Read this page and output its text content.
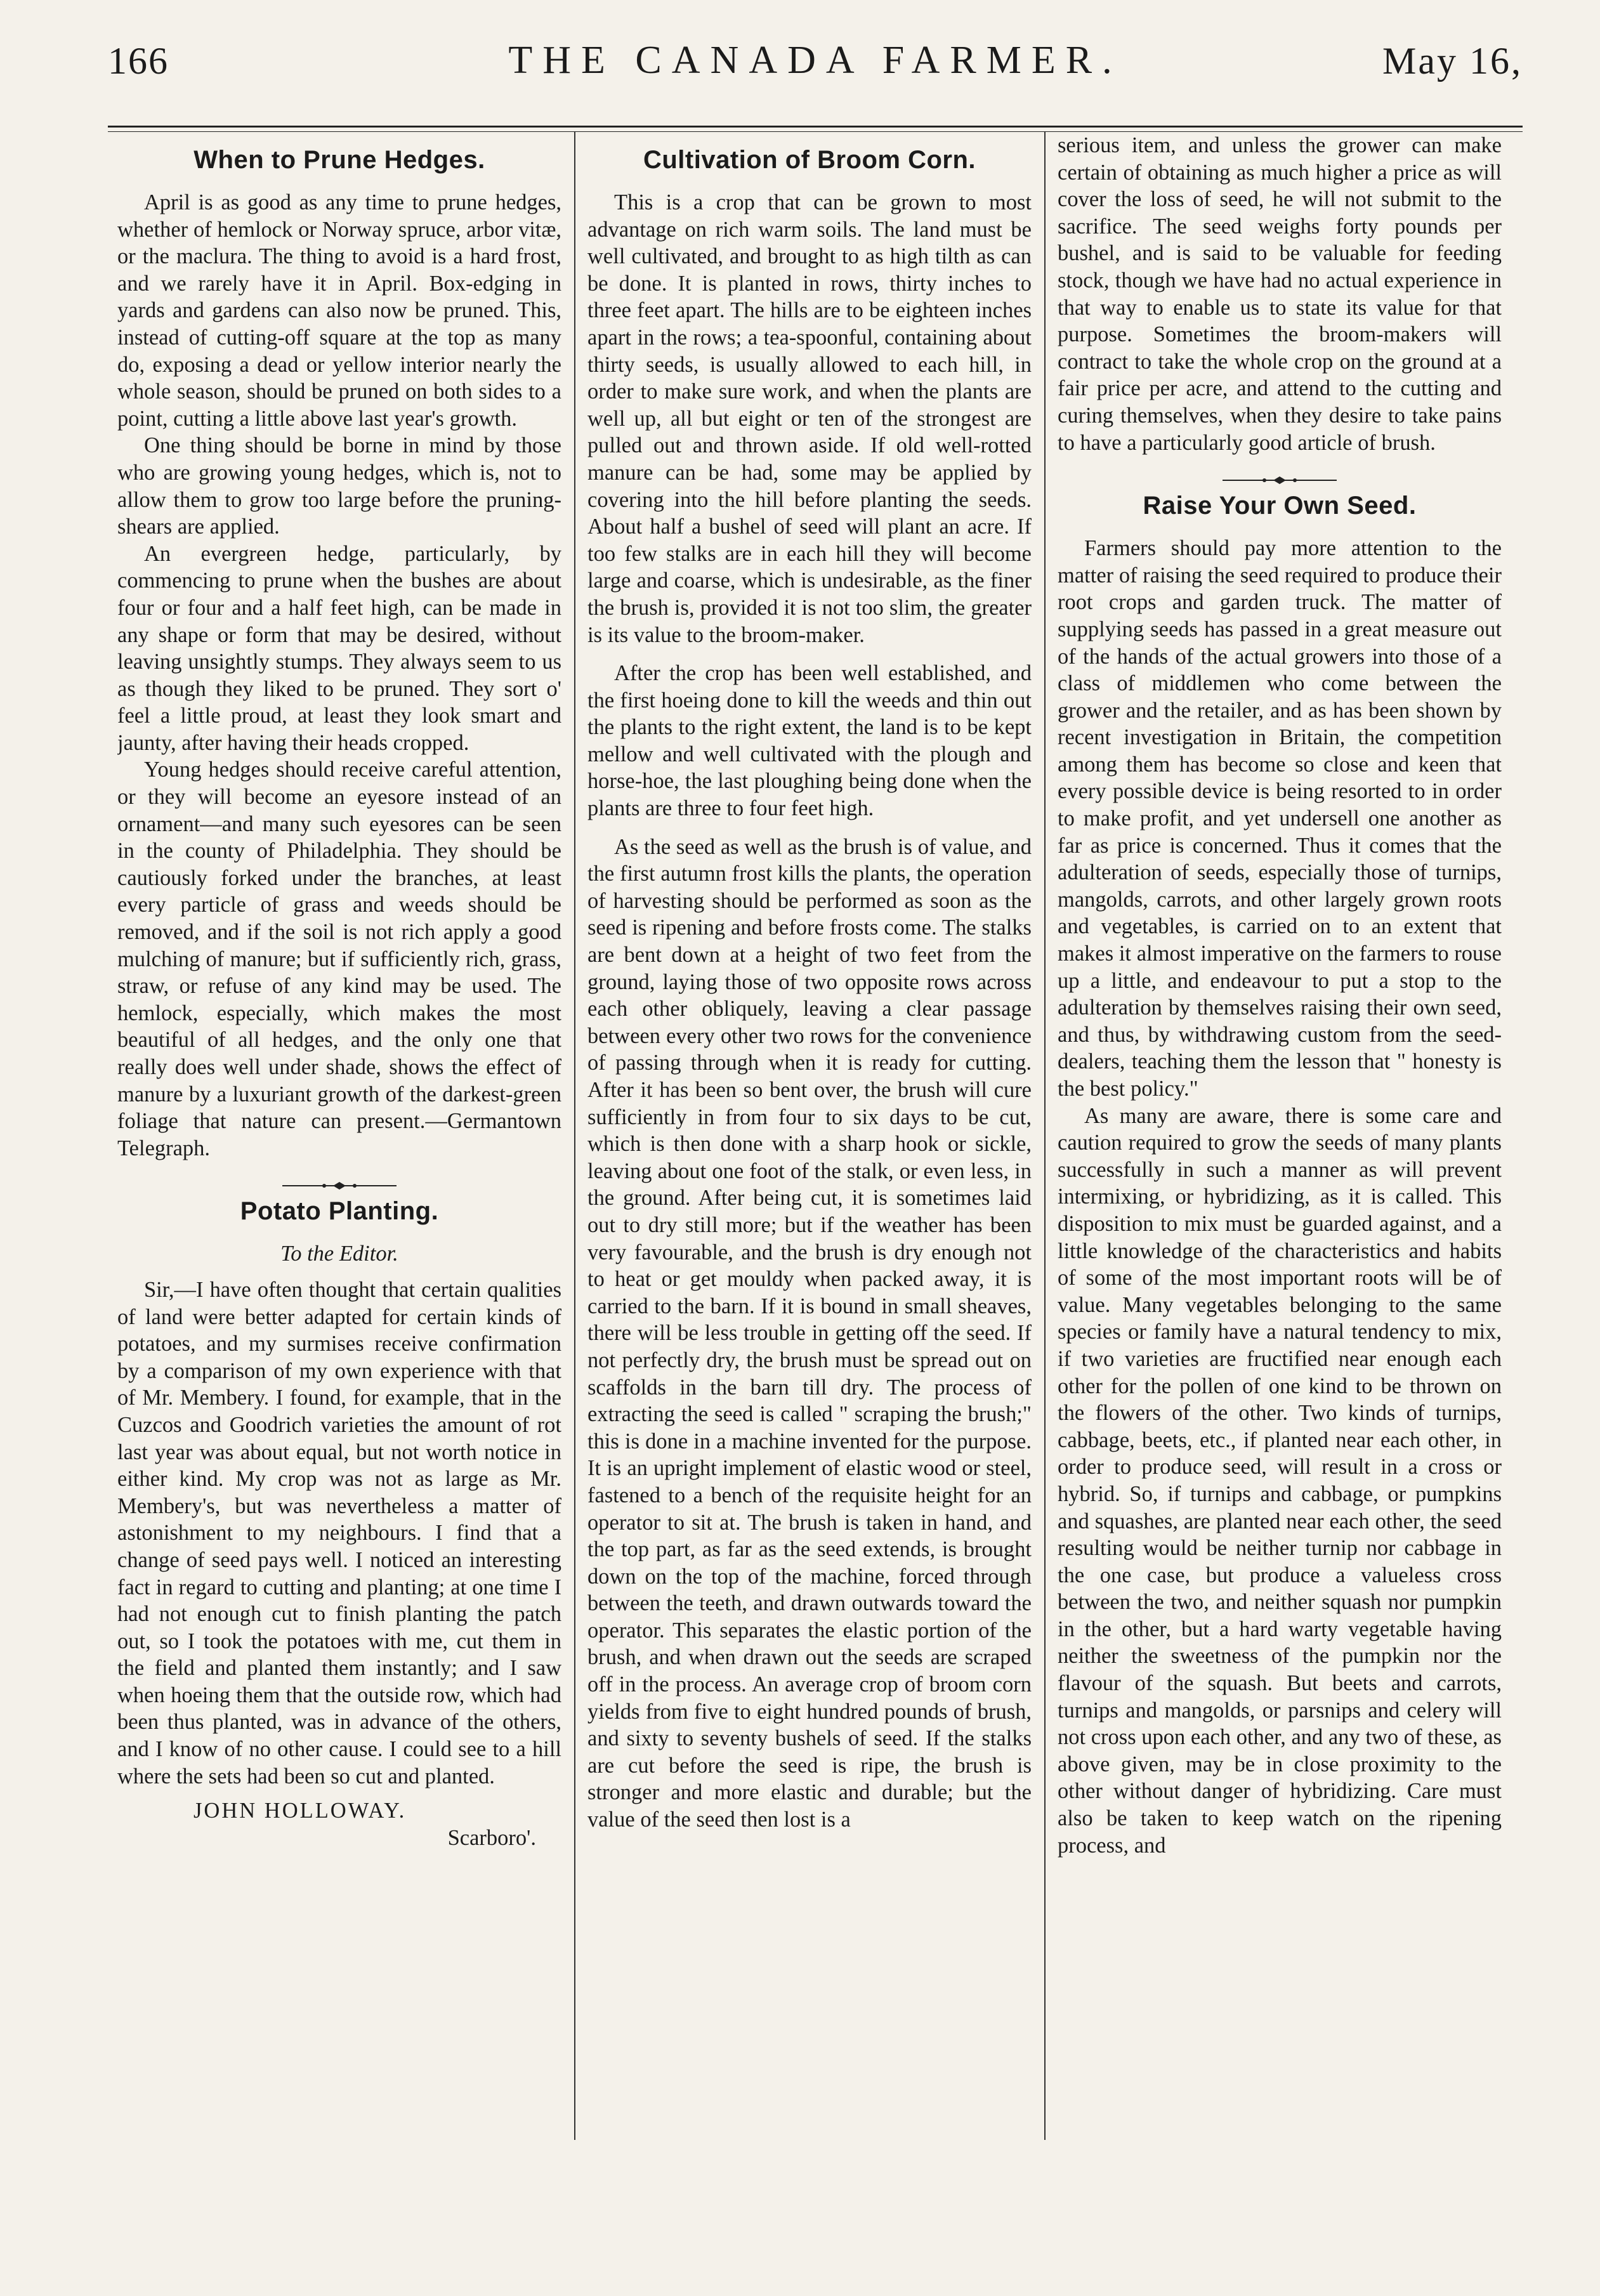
166	THE CANADA FARMER.	May 16,
When to Prune Hedges.

April is as good as any time to prune hedges, whether of hemlock or Norway spruce, arbor vitæ, or the maclura. The thing to avoid is a hard frost, and we rarely have it in April. Box-edging in yards and gardens can also now be pruned. This, instead of cutting-off square at the top as many do, exposing a dead or yellow interior nearly the whole season, should be pruned on both sides to a point, cutting a little above last year's growth.

One thing should be borne in mind by those who are growing young hedges, which is, not to allow them to grow too large before the pruning-shears are applied.

An evergreen hedge, particularly, by commencing to prune when the bushes are about four or four and a half feet high, can be made in any shape or form that may be desired, without leaving unsightly stumps. They always seem to us as though they liked to be pruned. They sort o' feel a little proud, at least they look smart and jaunty, after having their heads cropped.

Young hedges should receive careful attention, or they will become an eyesore instead of an ornament—and many such eyesores can be seen in the county of Philadelphia. They should be cautiously forked under the branches, at least every particle of grass and weeds should be removed, and if the soil is not rich apply a good mulching of manure; but if sufficiently rich, grass, straw, or refuse of any kind may be used. The hemlock, especially, which makes the most beautiful of all hedges, and the only one that really does well under shade, shows the effect of manure by a luxuriant growth of the darkest-green foliage that nature can present.—Germantown Telegraph.

Potato Planting.

To the Editor.

Sir,—I have often thought that certain qualities of land were better adapted for certain kinds of potatoes, and my surmises receive confirmation by a comparison of my own experience with that of Mr. Membery. I found, for example, that in the Cuzcos and Goodrich varieties the amount of rot last year was about equal, but not worth notice in either kind. My crop was not as large as Mr. Membery's, but was nevertheless a matter of astonishment to my neighbours. I find that a change of seed pays well. I noticed an interesting fact in regard to cutting and planting; at one time I had not enough cut to finish planting the patch out, so I took the potatoes with me, cut them in the field and planted them instantly; and I saw when hoeing them that the outside row, which had been thus planted, was in advance of the others, and I know of no other cause. I could see to a hill where the sets had been so cut and planted.

JOHN HOLLOWAY.

Scarboro'.

Cultivation of Broom Corn.

This is a crop that can be grown to most advantage on rich warm soils. The land must be well cultivated, and brought to as high tilth as can be done. It is planted in rows, thirty inches to three feet apart. The hills are to be eighteen inches apart in the rows; a tea-spoonful, containing about thirty seeds, is usually allowed to each hill, in order to make sure work, and when the plants are well up, all but eight or ten of the strongest are pulled out and thrown aside. If old well-rotted manure can be had, some may be applied by covering into the hill before planting the seeds. About half a bushel of seed will plant an acre. If too few stalks are in each hill they will become large and coarse, which is undesirable, as the finer the brush is, provided it is not too slim, the greater is its value to the broom-maker.

After the crop has been well established, and the first hoeing done to kill the weeds and thin out the plants to the right extent, the land is to be kept mellow and well cultivated with the plough and horse-hoe, the last ploughing being done when the plants are three to four feet high.

As the seed as well as the brush is of value, and the first autumn frost kills the plants, the operation of harvesting should be performed as soon as the seed is ripening and before frosts come. The stalks are bent down at a height of two feet from the ground, laying those of two opposite rows across each other obliquely, leaving a clear passage between every other two rows for the convenience of passing through when it is ready for cutting. After it has been so bent over, the brush will cure sufficiently in from four to six days to be cut, which is then done with a sharp hook or sickle, leaving about one foot of the stalk, or even less, in the ground. After being cut, it is sometimes laid out to dry still more; but if the weather has been very favourable, and the brush is dry enough not to heat or get mouldy when packed away, it is carried to the barn. If it is bound in small sheaves, there will be less trouble in getting off the seed. If not perfectly dry, the brush must be spread out on scaffolds in the barn till dry. The process of extracting the seed is called " scraping the brush;" this is done in a machine invented for the purpose. It is an upright implement of elastic wood or steel, fastened to a bench of the requisite height for an operator to sit at. The brush is taken in hand, and the top part, as far as the seed extends, is brought down on the top of the machine, forced through between the teeth, and drawn outwards toward the operator. This separates the elastic portion of the brush, and when drawn out the seeds are scraped off in the process. An average crop of broom corn yields from five to eight hundred pounds of brush, and sixty to seventy bushels of seed. If the stalks are cut before the seed is ripe, the brush is stronger and more elastic and durable; but the value of the seed then lost is a

serious item, and unless the grower can make certain of obtaining as much higher a price as will cover the loss of seed, he will not submit to the sacrifice. The seed weighs forty pounds per bushel, and is said to be valuable for feeding stock, though we have had no actual experience in that way to enable us to state its value for that purpose. Sometimes the broom-makers will contract to take the whole crop on the ground at a fair price per acre, and attend to the cutting and curing themselves, when they desire to take pains to have a particularly good article of brush.

Raise Your Own Seed.

Farmers should pay more attention to the matter of raising the seed required to produce their root crops and garden truck. The matter of supplying seeds has passed in a great measure out of the hands of the actual growers into those of a class of middlemen who come between the grower and the retailer, and as has been shown by recent investigation in Britain, the competition among them has become so close and keen that every possible device is being resorted to in order to make profit, and yet undersell one another as far as price is concerned. Thus it comes that the adulteration of seeds, especially those of turnips, mangolds, carrots, and other largely grown roots and vegetables, is carried on to an extent that makes it almost imperative on the farmers to rouse up a little, and endeavour to put a stop to the adulteration by themselves raising their own seed, and thus, by withdrawing custom from the seed-dealers, teaching them the lesson that " honesty is the best policy."

As many are aware, there is some care and caution required to grow the seeds of many plants successfully in such a manner as will prevent intermixing, or hybridizing, as it is called. This disposition to mix must be guarded against, and a little knowledge of the characteristics and habits of some of the most important roots will be of value. Many vegetables belonging to the same species or family have a natural tendency to mix, if two varieties are fructified near enough each other for the pollen of one kind to be thrown on the flowers of the other. Two kinds of turnips, cabbage, beets, etc., if planted near each other, in order to produce seed, will result in a cross or hybrid. So, if turnips and cabbage, or pumpkins and squashes, are planted near each other, the seed resulting would be neither turnip nor cabbage in the one case, but produce a valueless cross between the two, and neither squash nor pumpkin in the other, but a hard warty vegetable having neither the sweetness of the pumpkin nor the flavour of the squash. But beets and carrots, turnips and mangolds, or parsnips and celery will not cross upon each other, and any two of these, as above given, may be in close proximity to the other without danger of hybridizing. Care must also be taken to keep watch on the ripening process, and
